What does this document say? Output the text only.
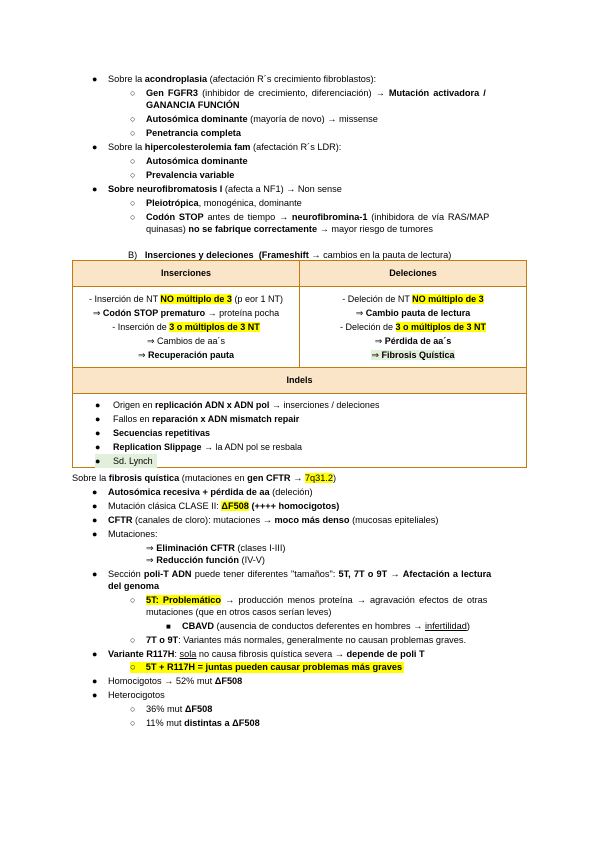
● Sobre la acondroplasia (afectación R´s crecimiento fibroblastos):
○ Gen FGFR3 (inhibidor de crecimiento, diferenciación) → Mutación activadora /
GANANCIA FUNCIÓN
○ Autosómica dominante (mayoría de novo) → missense
○ Penetrancia completa
● Sobre la hipercolesterolemia fam (afectación R´s LDR):
○ Autosómica dominante
○ Prevalencia variable
● Sobre neurofibromatosis I (afecta a NF1) → Non sense
○ Pleiotrópica, monogénica, dominante
○ Codón STOP antes de tiempo → neurofibromina-1 (inhibidora de vía RAS/MAP
quinasas) no se fabrique correctamente → mayor riesgo de tumores
B) Inserciones y deleciones (Frameshift → cambios en la pauta de lectura)
Inserciones	Deleciones
- Inserción de NT NO múltiplo de 3 (p eor 1 NT)
⇒ Codón STOP prematuro → proteína pocha
- Inserción de 3 o múltiplos de 3 NT
⇒ Cambios de aa´s
⇒ Recuperación pauta
- Deleción de NT NO múltiplo de 3
⇒ Cambio pauta de lectura
- Deleción de 3 o múltiplos de 3 NT
⇒ Pérdida de aa´s
⇒ Fibrosis Quística
Indels
● Origen en replicación ADN x ADN pol → inserciones / deleciones
● Fallos en reparación x ADN mismatch repair
● Secuencias repetitivas
● Replication Slippage → la ADN pol se resbala
● Sd. Lynch
Sobre la fibrosis quística (mutaciones en gen CFTR → 7q31.2)
● Autosómica recesiva + pérdida de aa (deleción)
● Mutación clásica CLASE II: ΔF508 (++++ homocigotos)
● CFTR (canales de cloro): mutaciones → moco más denso (mucosas epiteliales)
● Mutaciones:
⇒ Eliminación CFTR (clases I-III)
⇒ Reducción función (IV-V)
● Sección poli-T ADN puede tener diferentes "tamaños": 5T, 7T o 9T → Afectación a lectura
del genoma
○ 5T: Problemático → producción menos proteína → agravación efectos de otras
mutaciones (que en otros casos serían leves)
■ CBAVD (ausencia de conductos deferentes en hombres → infertilidad)
○ 7T o 9T: Variantes más normales, generalmente no causan problemas graves.
● Variante R117H: sola no causa fibrosis quística severa → depende de poli T
○ 5T + R117H = juntas pueden causar problemas más graves
● Homocigotos → 52% mut ΔF508
● Heterocigotos
○ 36% mut ΔF508
○ 11% mut distintas a ΔF508
